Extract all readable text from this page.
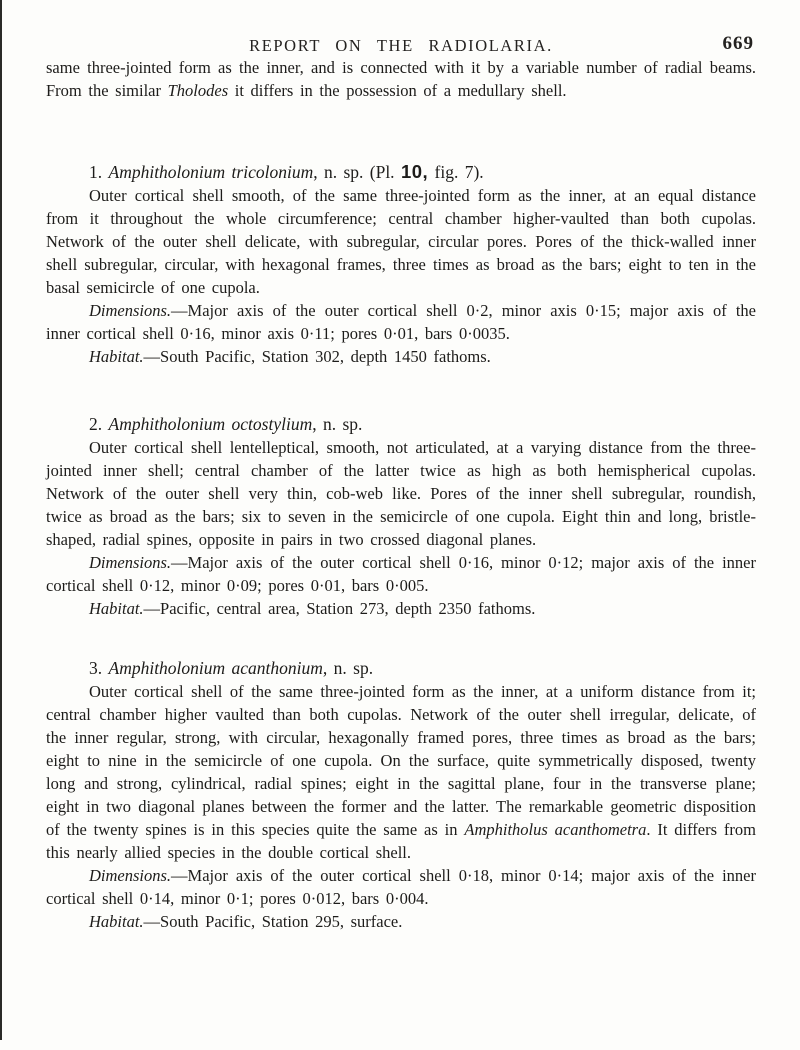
REPORT ON THE RADIOLARIA.	669

same three-jointed form as the inner, and is connected with it by a variable number of radial beams. From the similar Tholodes it differs in the possession of a medullary shell.

1. Amphitholonium tricolonium, n. sp. (Pl. 10, fig. 7).

Outer cortical shell smooth, of the same three-jointed form as the inner, at an equal distance from it throughout the whole circumference; central chamber higher-vaulted than both cupolas. Network of the outer shell delicate, with subregular, circular pores. Pores of the thick-walled inner shell subregular, circular, with hexagonal frames, three times as broad as the bars; eight to ten in the basal semicircle of one cupola.

Dimensions.—Major axis of the outer cortical shell 0·2, minor axis 0·15; major axis of the inner cortical shell 0·16, minor axis 0·11; pores 0·01, bars 0·0035.

Habitat.—South Pacific, Station 302, depth 1450 fathoms.

2. Amphitholonium octostylium, n. sp.

Outer cortical shell lentelleptical, smooth, not articulated, at a varying distance from the three-jointed inner shell; central chamber of the latter twice as high as both hemispherical cupolas. Network of the outer shell very thin, cob-web like. Pores of the inner shell subregular, roundish, twice as broad as the bars; six to seven in the semicircle of one cupola. Eight thin and long, bristle-shaped, radial spines, opposite in pairs in two crossed diagonal planes.

Dimensions.—Major axis of the outer cortical shell 0·16, minor 0·12; major axis of the inner cortical shell 0·12, minor 0·09; pores 0·01, bars 0·005.

Habitat.—Pacific, central area, Station 273, depth 2350 fathoms.

3. Amphitholonium acanthonium, n. sp.

Outer cortical shell of the same three-jointed form as the inner, at a uniform distance from it; central chamber higher vaulted than both cupolas. Network of the outer shell irregular, delicate, of the inner regular, strong, with circular, hexagonally framed pores, three times as broad as the bars; eight to nine in the semicircle of one cupola. On the surface, quite symmetrically disposed, twenty long and strong, cylindrical, radial spines; eight in the sagittal plane, four in the transverse plane; eight in two diagonal planes between the former and the latter. The remarkable geometric disposition of the twenty spines is in this species quite the same as in Amphitholus acanthometra. It differs from this nearly allied species in the double cortical shell.

Dimensions.—Major axis of the outer cortical shell 0·18, minor 0·14; major axis of the inner cortical shell 0·14, minor 0·1; pores 0·012, bars 0·004.

Habitat.—South Pacific, Station 295, surface.
